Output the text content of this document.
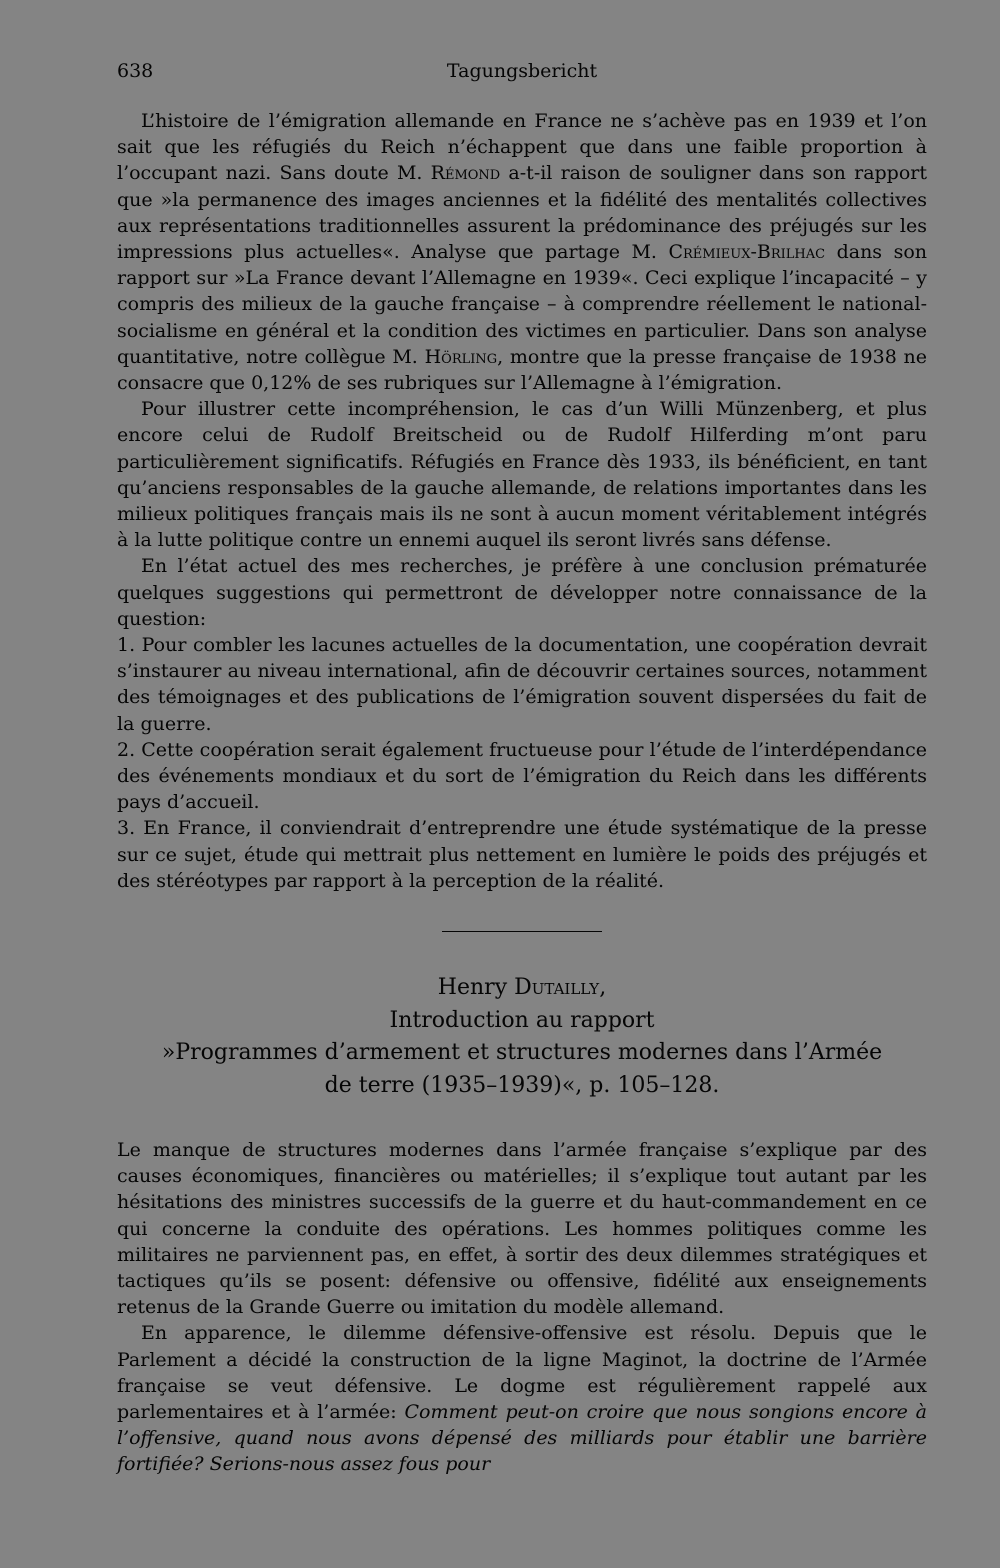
638	Tagungsbericht

L’histoire de l’émigration allemande en France ne s’achève pas en 1939 et l’on sait que les réfugiés du Reich n’échappent que dans une faible proportion à l’occupant nazi. Sans doute M. Rémond a-t-il raison de souligner dans son rapport que »la permanence des images anciennes et la fidélité des mentalités collectives aux représentations traditionnelles assurent la prédominance des préjugés sur les impressions plus actuelles«. Analyse que partage M. Crémieux-Brilhac dans son rapport sur »La France devant l’Allemagne en 1939«. Ceci explique l’incapacité – y compris des milieux de la gauche française – à comprendre réellement le national-socialisme en général et la condition des victimes en particulier. Dans son analyse quantitative, notre collègue M. Hörling, montre que la presse française de 1938 ne consacre que 0,12% de ses rubriques sur l’Allemagne à l’émigration.

Pour illustrer cette incompréhension, le cas d’un Willi Münzenberg, et plus encore celui de Rudolf Breitscheid ou de Rudolf Hilferding m’ont paru particulièrement significatifs. Réfugiés en France dès 1933, ils bénéficient, en tant qu’anciens responsables de la gauche allemande, de relations importantes dans les milieux politiques français mais ils ne sont à aucun moment véritablement intégrés à la lutte politique contre un ennemi auquel ils seront livrés sans défense.

En l’état actuel des mes recherches, je préfère à une conclusion prématurée quelques suggestions qui permettront de développer notre connaissance de la question:

1. Pour combler les lacunes actuelles de la documentation, une coopération devrait s’instaurer au niveau international, afin de découvrir certaines sources, notamment des témoignages et des publications de l’émigration souvent dispersées du fait de la guerre.

2. Cette coopération serait également fructueuse pour l’étude de l’interdépendance des événements mondiaux et du sort de l’émigration du Reich dans les différents pays d’accueil.

3. En France, il conviendrait d’entreprendre une étude systématique de la presse sur ce sujet, étude qui mettrait plus nettement en lumière le poids des préjugés et des stéréotypes par rapport à la perception de la réalité.

Henry Dutailly,
Introduction au rapport
»Programmes d’armement et structures modernes dans l’Armée
de terre (1935–1939)«, p. 105–128.

Le manque de structures modernes dans l’armée française s’explique par des causes économiques, financières ou matérielles; il s’explique tout autant par les hésitations des ministres successifs de la guerre et du haut-commandement en ce qui concerne la conduite des opérations. Les hommes politiques comme les militaires ne parviennent pas, en effet, à sortir des deux dilemmes stratégiques et tactiques qu’ils se posent: défensive ou offensive, fidélité aux enseignements retenus de la Grande Guerre ou imitation du modèle allemand.

En apparence, le dilemme défensive-offensive est résolu. Depuis que le Parlement a décidé la construction de la ligne Maginot, la doctrine de l’Armée française se veut défensive. Le dogme est régulièrement rappelé aux parlementaires et à l’armée: Comment peut-on croire que nous songions encore à l’offensive, quand nous avons dépensé des milliards pour établir une barrière fortifiée? Serions-nous assez fous pour
